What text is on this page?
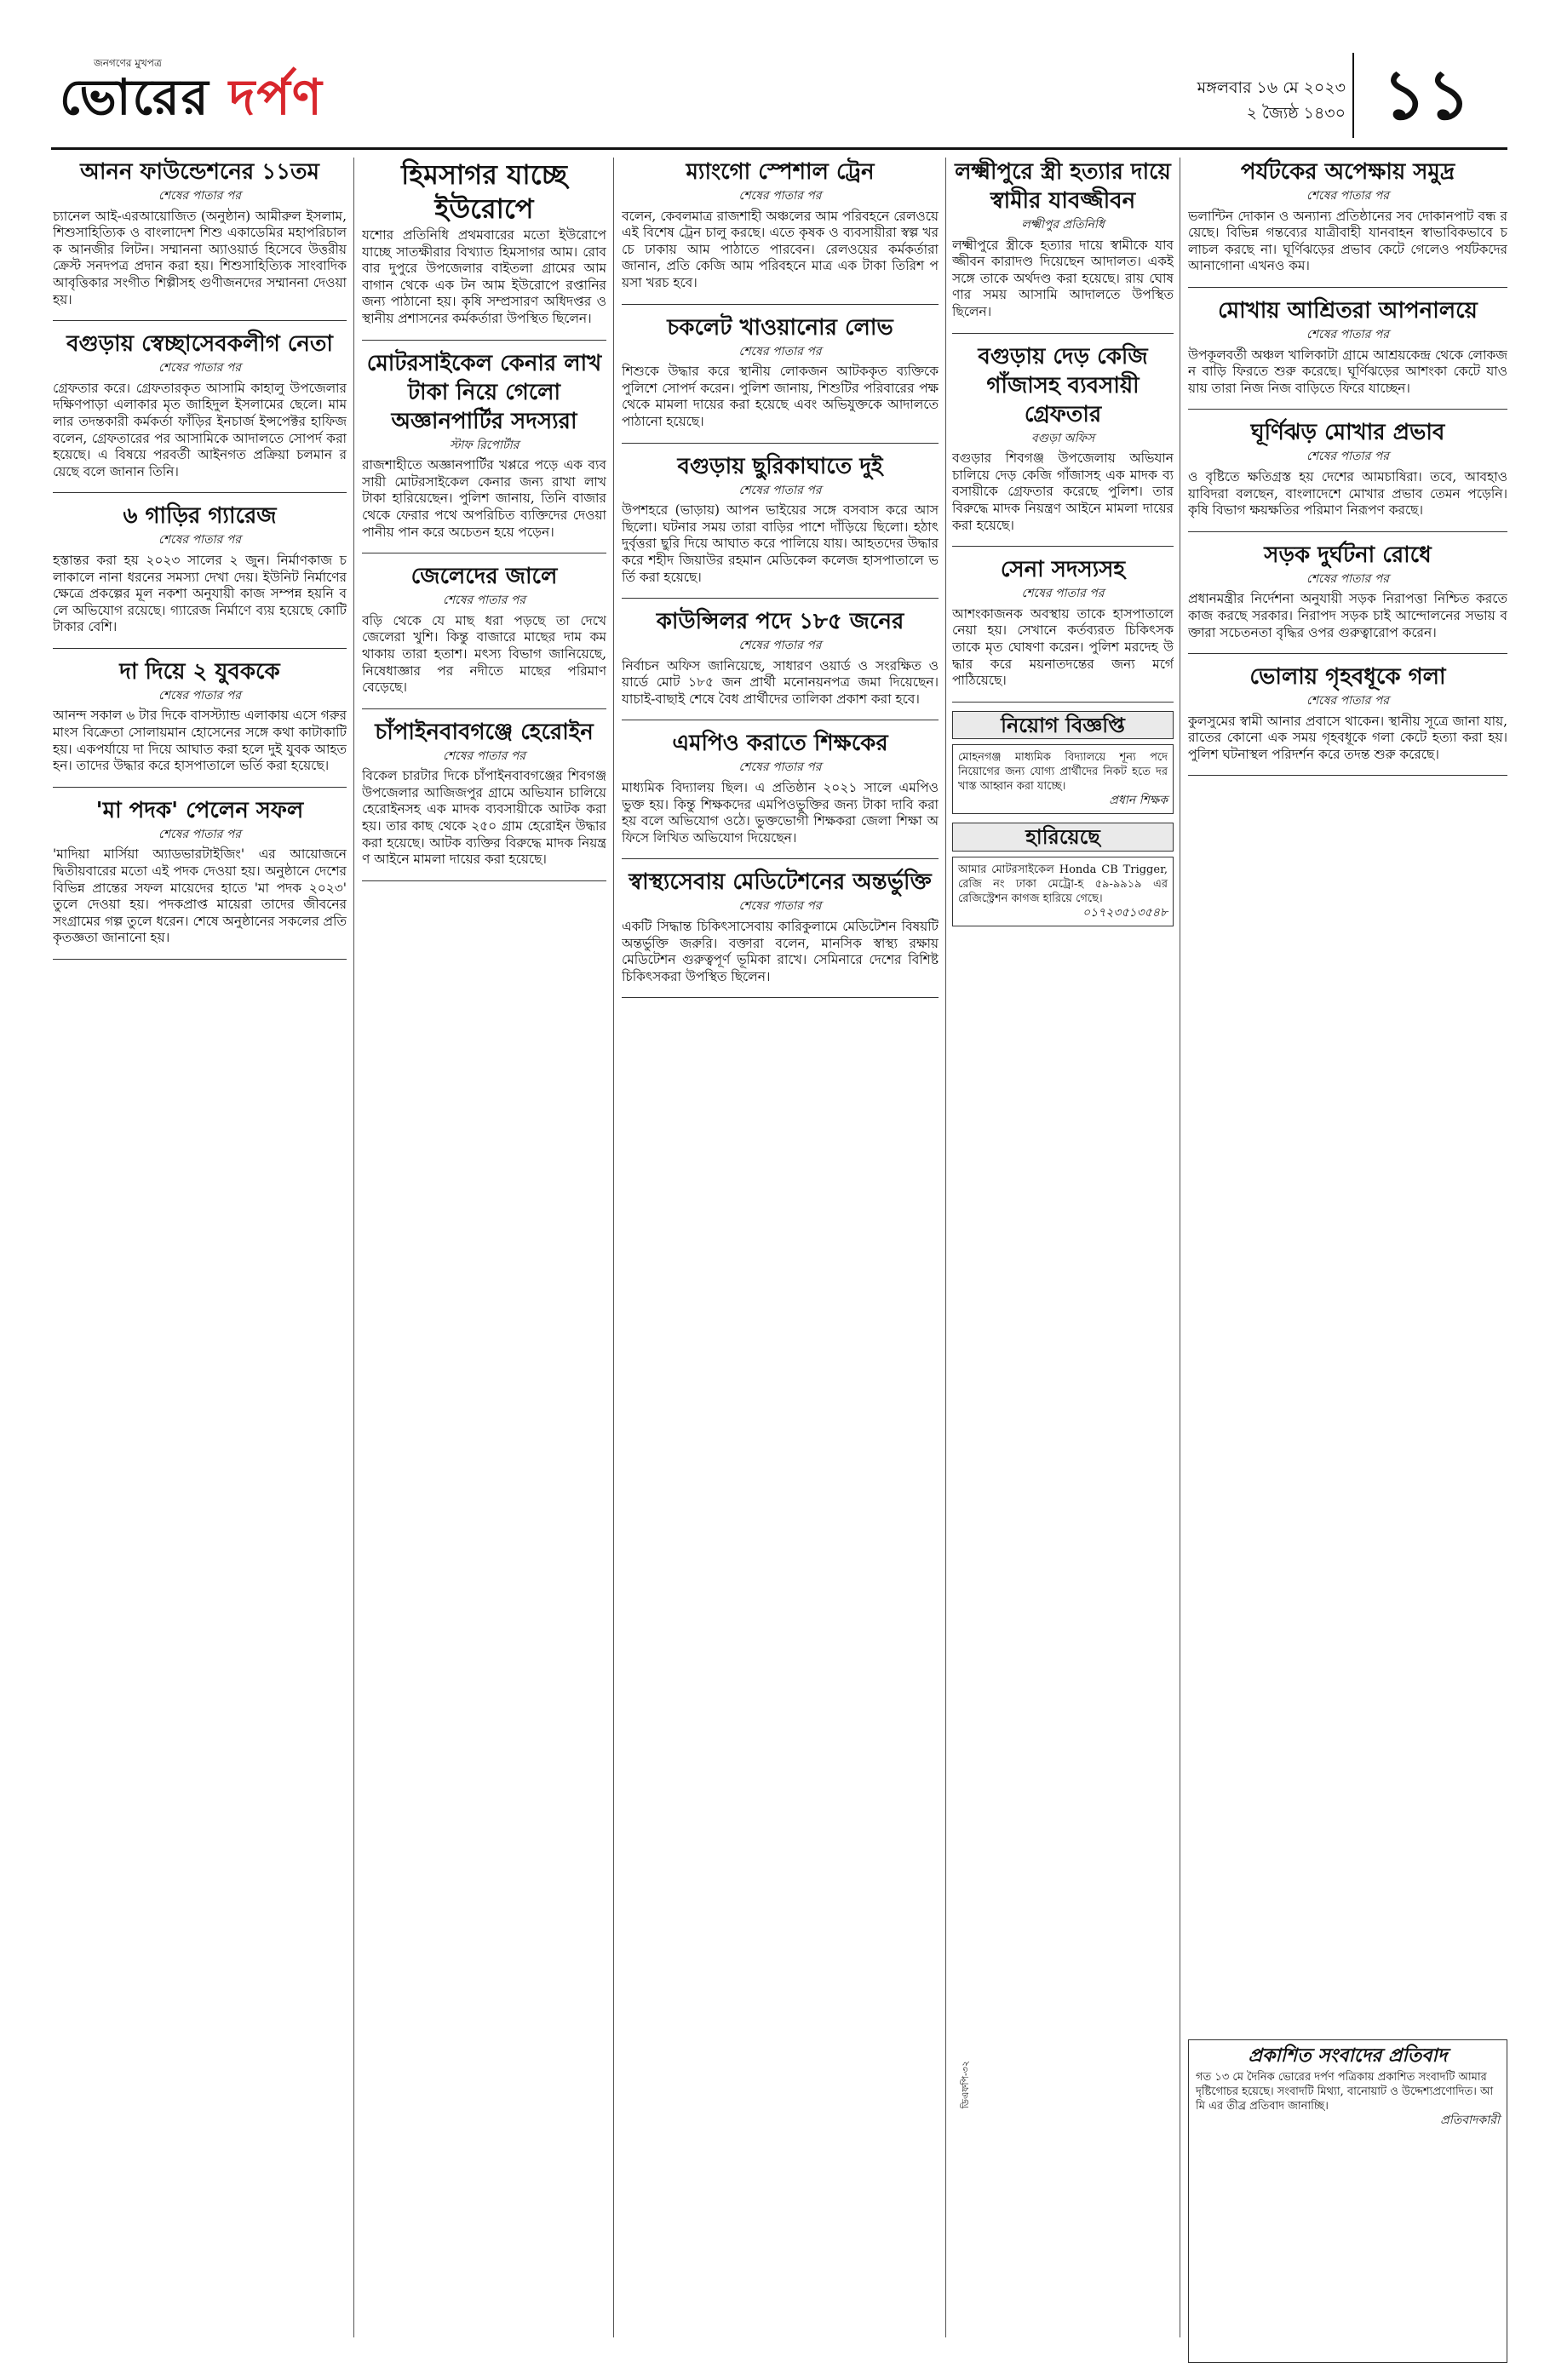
জনগণের মুখপত্র
ভোরের দর্পণ	মঙ্গলবার ১৬ মে ২০২৩
২ জ্যৈষ্ঠ ১৪৩০ ১১
আনন ফাউন্ডেশনের ১১তম
শেষের পাতার পর

চ্যানেল আই-এরআয়োজিত (অনুষ্ঠান) আমীরুল ইসলাম, শিশুসাহিত্যিক ও বাংলাদেশ শিশু একাডেমির মহাপরিচালক আনজীর লিটন। সম্মাননা অ্যাওয়ার্ড হিসেবে উত্তরীয় ক্রেস্ট সনদপত্র প্রদান করা হয়। শিশুসাহিত্যিক সাংবাদিক আবৃত্তিকার সংগীত শিল্পীসহ গুণীজনদের সম্মাননা দেওয়া হয়।

বগুড়ায় স্বেচ্ছাসেবকলীগ নেতা
শেষের পাতার পর

গ্রেফতার করে। গ্রেফতারকৃত আসামি কাহালু উপজেলার দক্ষিণপাড়া এলাকার মৃত জাহিদুল ইসলামের ছেলে। মামলার তদন্তকারী কর্মকর্তা ফাঁড়ির ইনচার্জ ইন্সপেক্টর হাফিজ বলেন, গ্রেফতারের পর আসামিকে আদালতে সোপর্দ করা হয়েছে। এ বিষয়ে পরবর্তী আইনগত প্রক্রিয়া চলমান রয়েছে বলে জানান তিনি।

৬ গাড়ির গ্যারেজ
শেষের পাতার পর

হস্তান্তর করা হয় ২০২৩ সালের ২ জুন। নির্মাণকাজ চলাকালে নানা ধরনের সমস্যা দেখা দেয়। ইউনিট নির্মাণের ক্ষেত্রে প্রকল্পের মূল নকশা অনুযায়ী কাজ সম্পন্ন হয়নি বলে অভিযোগ রয়েছে। গ্যারেজ নির্মাণে ব্যয় হয়েছে কোটি টাকার বেশি।

দা দিয়ে ২ যুবককে
শেষের পাতার পর

আনন্দ সকাল ৬ টার দিকে বাসস্ট্যান্ড এলাকায় এসে গরুর মাংস বিক্রেতা সোলায়মান হোসেনের সঙ্গে কথা কাটাকাটি হয়। একপর্যায়ে দা দিয়ে আঘাত করা হলে দুই যুবক আহত হন। তাদের উদ্ধার করে হাসপাতালে ভর্তি করা হয়েছে।

'মা পদক' পেলেন সফল
শেষের পাতার পর

'মাদিয়া মার্সিয়া অ্যাডভারটাইজিং' এর আয়োজনে দ্বিতীয়বারের মতো এই পদক দেওয়া হয়। অনুষ্ঠানে দেশের বিভিন্ন প্রান্তের সফল মায়েদের হাতে 'মা পদক ২০২৩' তুলে দেওয়া হয়। পদকপ্রাপ্ত মায়েরা তাদের জীবনের সংগ্রামের গল্প তুলে ধরেন। শেষে অনুষ্ঠানের সকলের প্রতি কৃতজ্ঞতা জানানো হয়।

হিমসাগর যাচ্ছে ইউরোপে

যশোর প্রতিনিধি প্রথমবারের মতো ইউরোপে যাচ্ছে সাতক্ষীরার বিখ্যাত হিমসাগর আম। রোববার দুপুরে উপজেলার বাইতলা গ্রামের আম বাগান থেকে এক টন আম ইউরোপে রপ্তানির জন্য পাঠানো হয়। কৃষি সম্প্রসারণ অধিদপ্তর ও স্থানীয় প্রশাসনের কর্মকর্তারা উপস্থিত ছিলেন।

মোটরসাইকেল কেনার লাখ টাকা নিয়ে গেলো অজ্ঞানপার্টির সদস্যরা
স্টাফ রিপোর্টার

রাজশাহীতে অজ্ঞানপার্টির খপ্পরে পড়ে এক ব্যবসায়ী মোটরসাইকেল কেনার জন্য রাখা লাখ টাকা হারিয়েছেন। পুলিশ জানায়, তিনি বাজার থেকে ফেরার পথে অপরিচিত ব্যক্তিদের দেওয়া পানীয় পান করে অচেতন হয়ে পড়েন।

জেলেদের জালে
শেষের পাতার পর

বড়ি থেকে যে মাছ ধরা পড়ছে তা দেখে জেলেরা খুশি। কিন্তু বাজারে মাছের দাম কম থাকায় তারা হতাশ। মৎস্য বিভাগ জানিয়েছে, নিষেধাজ্ঞার পর নদীতে মাছের পরিমাণ বেড়েছে।

চাঁপাইনবাবগঞ্জে হেরোইন
শেষের পাতার পর

বিকেল চারটার দিকে চাঁপাইনবাবগঞ্জের শিবগঞ্জ উপজেলার আজিজপুর গ্রামে অভিযান চালিয়ে হেরোইনসহ এক মাদক ব্যবসায়ীকে আটক করা হয়। তার কাছ থেকে ২৫০ গ্রাম হেরোইন উদ্ধার করা হয়েছে। আটক ব্যক্তির বিরুদ্ধে মাদক নিয়ন্ত্রণ আইনে মামলা দায়ের করা হয়েছে।

ম্যাংগো স্পেশাল ট্রেন
শেষের পাতার পর

বলেন, কেবলমাত্র রাজশাহী অঞ্চলের আম পরিবহনে রেলওয়ে এই বিশেষ ট্রেন চালু করছে। এতে কৃষক ও ব্যবসায়ীরা স্বল্প খরচে ঢাকায় আম পাঠাতে পারবেন। রেলওয়ের কর্মকর্তারা জানান, প্রতি কেজি আম পরিবহনে মাত্র এক টাকা তিরিশ পয়সা খরচ হবে।

চকলেট খাওয়ানোর লোভ
শেষের পাতার পর

শিশুকে উদ্ধার করে স্থানীয় লোকজন আটককৃত ব্যক্তিকে পুলিশে সোপর্দ করেন। পুলিশ জানায়, শিশুটির পরিবারের পক্ষ থেকে মামলা দায়ের করা হয়েছে এবং অভিযুক্তকে আদালতে পাঠানো হয়েছে।

বগুড়ায় ছুরিকাঘাতে দুই
শেষের পাতার পর

উপশহরে (ভাড়ায়) আপন ভাইয়ের সঙ্গে বসবাস করে আসছিলো। ঘটনার সময় তারা বাড়ির পাশে দাঁড়িয়ে ছিলো। হঠাৎ দুর্বৃত্তরা ছুরি দিয়ে আঘাত করে পালিয়ে যায়। আহতদের উদ্ধার করে শহীদ জিয়াউর রহমান মেডিকেল কলেজ হাসপাতালে ভর্তি করা হয়েছে।

কাউন্সিলর পদে ১৮৫ জনের
শেষের পাতার পর

নির্বাচন অফিস জানিয়েছে, সাধারণ ওয়ার্ড ও সংরক্ষিত ওয়ার্ডে মোট ১৮৫ জন প্রার্থী মনোনয়নপত্র জমা দিয়েছেন। যাচাই-বাছাই শেষে বৈধ প্রার্থীদের তালিকা প্রকাশ করা হবে।

এমপিও করাতে শিক্ষকের
শেষের পাতার পর

মাধ্যমিক বিদ্যালয় ছিল। এ প্রতিষ্ঠান ২০২১ সালে এমপিওভুক্ত হয়। কিন্তু শিক্ষকদের এমপিওভুক্তির জন্য টাকা দাবি করা হয় বলে অভিযোগ ওঠে। ভুক্তভোগী শিক্ষকরা জেলা শিক্ষা অফিসে লিখিত অভিযোগ দিয়েছেন।

স্বাস্থ্যসেবায় মেডিটেশনের অন্তর্ভুক্তি
শেষের পাতার পর

একটি সিদ্ধান্ত চিকিৎসাসেবায় কারিকুলামে মেডিটেশন বিষয়টি অন্তর্ভুক্তি জরুরি। বক্তারা বলেন, মানসিক স্বাস্থ্য রক্ষায় মেডিটেশন গুরুত্বপূর্ণ ভূমিকা রাখে। সেমিনারে দেশের বিশিষ্ট চিকিৎসকরা উপস্থিত ছিলেন।

লক্ষ্মীপুরে স্ত্রী হত্যার দায়ে স্বামীর যাবজ্জীবন
লক্ষ্মীপুর প্রতিনিধি

লক্ষ্মীপুরে স্ত্রীকে হত্যার দায়ে স্বামীকে যাবজ্জীবন কারাদণ্ড দিয়েছেন আদালত। একই সঙ্গে তাকে অর্থদণ্ড করা হয়েছে। রায় ঘোষণার সময় আসামি আদালতে উপস্থিত ছিলেন।

বগুড়ায় দেড় কেজি গাঁজাসহ ব্যবসায়ী গ্রেফতার
বগুড়া অফিস

বগুড়ার শিবগঞ্জ উপজেলায় অভিযান চালিয়ে দেড় কেজি গাঁজাসহ এক মাদক ব্যবসায়ীকে গ্রেফতার করেছে পুলিশ। তার বিরুদ্ধে মাদক নিয়ন্ত্রণ আইনে মামলা দায়ের করা হয়েছে।

সেনা সদস্যসহ
শেষের পাতার পর

আশংকাজনক অবস্থায় তাকে হাসপাতালে নেয়া হয়। সেখানে কর্তব্যরত চিকিৎসক তাকে মৃত ঘোষণা করেন। পুলিশ মরদেহ উদ্ধার করে ময়নাতদন্তের জন্য মর্গে পাঠিয়েছে।

নিয়োগ বিজ্ঞপ্তি
মোহনগঞ্জ মাধ্যমিক বিদ্যালয়ে শূন্য পদে নিয়োগের জন্য যোগ্য প্রার্থীদের নিকট হতে দরখাস্ত আহ্বান করা যাচ্ছে।
প্রধান শিক্ষক
হারিয়েছে
আমার মোটরসাইকেল Honda CB Trigger, রেজি নং ঢাকা মেট্রো-হ ৫৯-৯৯১৯ এর রেজিস্ট্রেশন কাগজ হারিয়ে গেছে।
০১৭২৩৫১৩৫৪৮
পর্যটকের অপেক্ষায় সমুদ্র
শেষের পাতার পর

ভলান্টিন দোকান ও অন্যান্য প্রতিষ্ঠানের সব দোকানপাট বন্ধ রয়েছে। বিভিন্ন গন্তব্যের যাত্রীবাহী যানবাহন স্বাভাবিকভাবে চলাচল করছে না। ঘূর্ণিঝড়ের প্রভাব কেটে গেলেও পর্যটকদের আনাগোনা এখনও কম।

মোখায় আশ্রিতরা আপনালয়ে
শেষের পাতার পর

উপকূলবর্তী অঞ্চল খালিকাটা গ্রামে আশ্রয়কেন্দ্র থেকে লোকজন বাড়ি ফিরতে শুরু করেছে। ঘূর্ণিঝড়ের আশংকা কেটে যাওয়ায় তারা নিজ নিজ বাড়িতে ফিরে যাচ্ছেন।

ঘূর্ণিঝড় মোখার প্রভাব
শেষের পাতার পর

ও বৃষ্টিতে ক্ষতিগ্রস্ত হয় দেশের আমচাষিরা। তবে, আবহাওয়াবিদরা বলছেন, বাংলাদেশে মোখার প্রভাব তেমন পড়েনি। কৃষি বিভাগ ক্ষয়ক্ষতির পরিমাণ নিরূপণ করছে।

সড়ক দুর্ঘটনা রোধে
শেষের পাতার পর

প্রধানমন্ত্রীর নির্দেশনা অনুযায়ী সড়ক নিরাপত্তা নিশ্চিত করতে কাজ করছে সরকার। নিরাপদ সড়ক চাই আন্দোলনের সভায় বক্তারা সচেতনতা বৃদ্ধির ওপর গুরুত্বারোপ করেন।

ভোলায় গৃহবধূকে গলা
শেষের পাতার পর

কুলসুমের স্বামী আনার প্রবাসে থাকেন। স্থানীয় সূত্রে জানা যায়, রাতের কোনো এক সময় গৃহবধূকে গলা কেটে হত্যা করা হয়। পুলিশ ঘটনাস্থল পরিদর্শন করে তদন্ত শুরু করেছে।

প্রকাশিত সংবাদের প্রতিবাদ
গত ১৩ মে দৈনিক ভোরের দর্পণ পত্রিকায় প্রকাশিত সংবাদটি আমার দৃষ্টিগোচর হয়েছে। সংবাদটি মিথ্যা, বানোয়াট ও উদ্দেশ্যপ্রণোদিত। আমি এর তীব্র প্রতিবাদ জানাচ্ছি।
প্রতিবাদকারী
ডিএফপি-৩২
